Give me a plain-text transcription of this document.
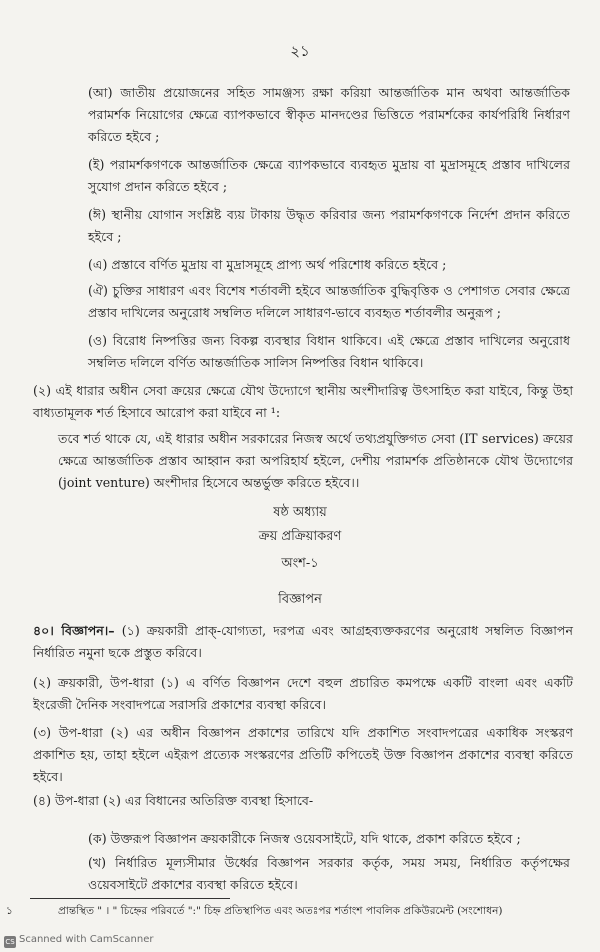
২১
(আ) জাতীয় প্রয়োজনের সহিত সামঞ্জস্য রক্ষা করিয়া আন্তর্জাতিক মান অথবা আন্তর্জাতিক পরামর্শক নিয়োগের ক্ষেত্রে ব্যাপকভাবে স্বীকৃত মানদণ্ডের ভিত্তিতে পরামর্শকের কার্যপরিধি নির্ধারণ করিতে হইবে ;
(ই) পরামর্শকগণকে আন্তর্জাতিক ক্ষেত্রে ব্যাপকভাবে ব্যবহৃত মুদ্রায় বা মুদ্রাসমূহে প্রস্তাব দাখিলের সুযোগ প্রদান করিতে হইবে ;
(ঈ) স্থানীয় যোগান সংশ্লিষ্ট ব্যয় টাকায় উদ্ধৃত করিবার জন্য পরামর্শকগণকে নির্দেশ প্রদান করিতে হইবে ;
(এ) প্রস্তাবে বর্ণিত মুদ্রায় বা মুদ্রাসমূহে প্রাপ্য অর্থ পরিশোধ করিতে হইবে ;
(ঐ) চুক্তির সাধারণ এবং বিশেষ শর্তাবলী হইবে আন্তর্জাতিক বুদ্ধিবৃত্তিক ও পেশাগত সেবার ক্ষেত্রে প্রস্তাব দাখিলের অনুরোধ সম্বলিত দলিলে সাধারণ-ভাবে ব্যবহৃত শর্তাবলীর অনুরূপ ;
(ও) বিরোধ নিষ্পত্তির জন্য বিকল্প ব্যবস্থার বিধান থাকিবে। এই ক্ষেত্রে প্রস্তাব দাখিলের অনুরোধ সম্বলিত দলিলে বর্ণিত আন্তর্জাতিক সালিস নিষ্পত্তির বিধান থাকিবে।
(২) এই ধারার অধীন সেবা ক্রয়ের ক্ষেত্রে যৌথ উদ্যোগে স্থানীয় অংশীদারিত্ব উৎসাহিত করা যাইবে, কিন্তু উহা বাধ্যতামূলক শর্ত হিসাবে আরোপ করা যাইবে না ¹:
তবে শর্ত থাকে যে, এই ধারার অধীন সরকারের নিজস্ব অর্থে তথ্যপ্রযুক্তিগত সেবা (IT services) ক্রয়ের ক্ষেত্রে আন্তর্জাতিক প্রস্তাব আহ্বান করা অপরিহার্য হইলে, দেশীয় পরামর্শক প্রতিষ্ঠানকে যৌথ উদ্যোগের (joint venture) অংশীদার হিসেবে অন্তর্ভুক্ত করিতে হইবে।।
ষষ্ঠ অধ্যায়
ক্রয় প্রক্রিয়াকরণ
অংশ-১
বিজ্ঞাপন
৪০। বিজ্ঞাপন।– (১) ক্রয়কারী প্রাক্-যোগ্যতা, দরপত্র এবং আগ্রহব্যক্তকরণের অনুরোধ সম্বলিত বিজ্ঞাপন নির্ধারিত নমুনা ছকে প্রস্তুত করিবে।
(২) ক্রয়কারী, উপ-ধারা (১) এ বর্ণিত বিজ্ঞাপন দেশে বহুল প্রচারিত কমপক্ষে একটি বাংলা এবং একটি ইংরেজী দৈনিক সংবাদপত্রে সরাসরি প্রকাশের ব্যবস্থা করিবে।
(৩) উপ-ধারা (২) এর অধীন বিজ্ঞাপন প্রকাশের তারিখে যদি প্রকাশিত সংবাদপত্রের একাধিক সংস্করণ প্রকাশিত হয়, তাহা হইলে এইরূপ প্রত্যেক সংস্করণের প্রতিটি কপিতেই উক্ত বিজ্ঞাপন প্রকাশের ব্যবস্থা করিতে হইবে।
(৪) উপ-ধারা (২) এর বিধানের অতিরিক্ত ব্যবস্থা হিসাবে-
(ক) উক্তরূপ বিজ্ঞাপন ক্রয়কারীকে নিজস্ব ওয়েবসাইটে, যদি থাকে, প্রকাশ করিতে হইবে ;
(খ) নির্ধারিত মূল্যসীমার উর্ধ্বের বিজ্ঞাপন সরকার কর্তৃক, সময় সময়, নির্ধারিত কর্তৃপক্ষের ওয়েবসাইটে প্রকাশের ব্যবস্থা করিতে হইবে।
১	প্রান্তস্থিত " । " চিহ্নের পরিবর্তে ":" চিহ্ন প্রতিস্থাপিত এবং অতঃপর শর্তাংশ পাবলিক প্রকিউরমেন্ট (সংশোধন)
CS Scanned with CamScanner
